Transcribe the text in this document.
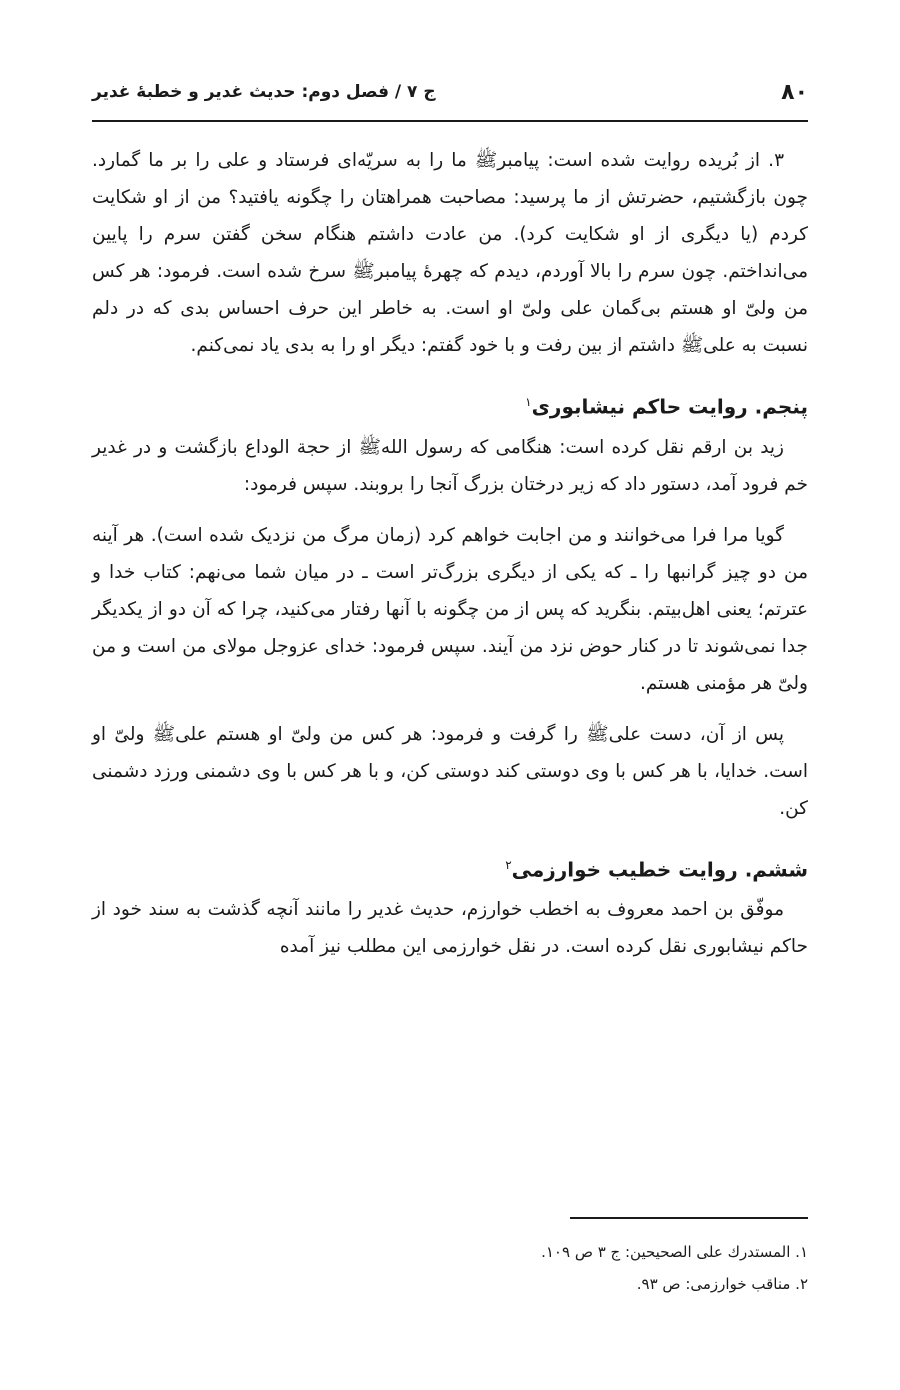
۸۰
ج ۷ / فصل دوم: حدیث غدیر و خطبهٔ غدیر

۳. از بُریده روایت شده است: پیامبرﷺ ما را به سریّه‌ای فرستاد و علی را بر ما گمارد. چون بازگشتیم، حضرتش از ما پرسید: مصاحبت همراهتان را چگونه یافتید؟ من از او شکایت کردم (یا دیگری از او شکایت کرد). من عادت داشتم هنگام سخن گفتن سرم را پایین می‌انداختم. چون سرم را بالا آوردم، دیدم که چهرهٔ پیامبرﷺ سرخ شده است. فرمود: هر کس من ولیّ او هستم بی‌گمان علی ولیّ او است. به خاطر این حرف احساس بدی که در دلم نسبت به علی‌ﷺ داشتم از بین رفت و با خود گفتم: دیگر او را به بدی یاد نمی‌کنم.

پنجم. روایت حاکم نیشابوری$^۱$

زید بن ارقم نقل کرده است: هنگامی که رسول اللهﷺ از حجة الوداع بازگشت و در غدیر خم فرود آمد، دستور داد که زیر درختان بزرگ آنجا را بروبند. سپس فرمود:

گویا مرا فرا می‌خوانند و من اجابت خواهم کرد (زمان مرگ من نزدیک شده است). هر آینه من دو چیز گرانبها را ـ که یکی از دیگری بزرگ‌تر است ـ در میان شما می‌نهم: کتاب خدا و عترتم؛ یعنی اهل‌بیتم. بنگرید که پس از من چگونه با آنها رفتار می‌کنید، چرا که آن دو از یکدیگر جدا نمی‌شوند تا در کنار حوض نزد من آیند. سپس فرمود: خدای عزوجل مولای من است و من ولیّ هر مؤمنی هستم.

پس از آن، دست علی‌ﷺ را گرفت و فرمود: هر کس من ولیّ او هستم علی‌ﷺ ولیّ او است. خدایا، با هر کس با وی دوستی کند دوستی کن، و با هر کس با وی دشمنی ورزد دشمنی کن.

ششم. روایت خطیب خوارزمی$^۲$

موفّق بن احمد معروف به اخطب خوارزم، حدیث غدیر را مانند آنچه گذشت به سند خود از حاکم نیشابوری نقل کرده است. در نقل خوارزمی این مطلب نیز آمده

۱. المستدرك علی الصحیحین: ج ۳ ص ۱۰۹.

۲. مناقب خوارزمی: ص ۹۳.
